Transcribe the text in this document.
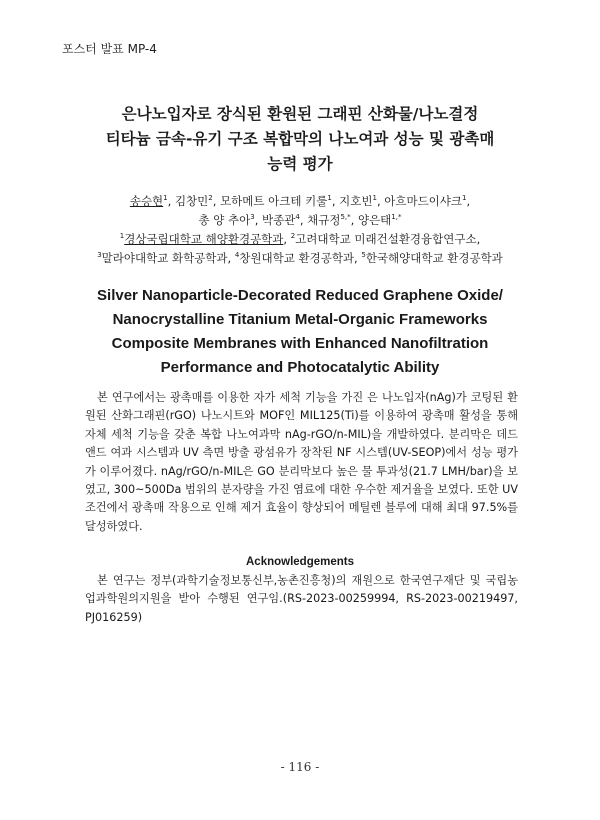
포스터 발표 MP-4
은나노입자로 장식된 환원된 그래핀 산화물/나노결정
티타늄 금속-유기 구조 복합막의 나노여과 성능 및 광촉매
능력 평가
송승현$^1$, 김창민$^2$, 모하메트 아크테 키룰$^1$, 지호빈$^1$, 아흐마드이샤크$^1$,
총 양 추아$^3$, 박종관$^4$, 채규정$^{5,*}$, 양은태$^{1,*}$
$^1$경상국립대학교 해양환경공학과, $^2$고려대학교 미래건설환경융합연구소,
$^3$말라야대학교 화학공학과, $^4$창원대학교 환경공학과, $^5$한국해양대학교 환경공학과
Silver Nanoparticle-Decorated Reduced Graphene Oxide/
Nanocrystalline Titanium Metal-Organic Frameworks
Composite Membranes with Enhanced Nanofiltration
Performance and Photocatalytic Ability

본 연구에서는 광촉매를 이용한 자가 세척 기능을 가진 은 나노입자(nAg)가 코팅된 환원된 산화그래핀(rGO) 나노시트와 MOF인 MIL125(Ti)를 이용하여 광촉매 활성을 통해 자체 세척 기능을 갖춘 복합 나노여과막 nAg-rGO/n-MIL)을 개발하였다. 분리막은 데드앤드 여과 시스템과 UV 측면 방출 광섬유가 장착된 NF 시스템(UV-SEOP)에서 성능 평가가 이루어졌다. nAg/rGO/n-MIL은 GO 분리막보다 높은 물 투과성(21.7 LMH/bar)을 보였고, 300~500Da 범위의 분자량을 가진 염료에 대한 우수한 제거율을 보였다. 또한 UV 조건에서 광촉매 작용으로 인해 제거 효율이 향상되어 메틸렌 블루에 대해 최대 97.5%를 달성하였다.

Acknowledgements

본 연구는 정부(과학기술정보통신부,농촌진흥청)의 재원으로 한국연구재단 및 국립농업과학원의지원을 받아 수행된 연구임.(RS-2023-00259994, RS-2023-00219497, PJ016259)

- 116 -
